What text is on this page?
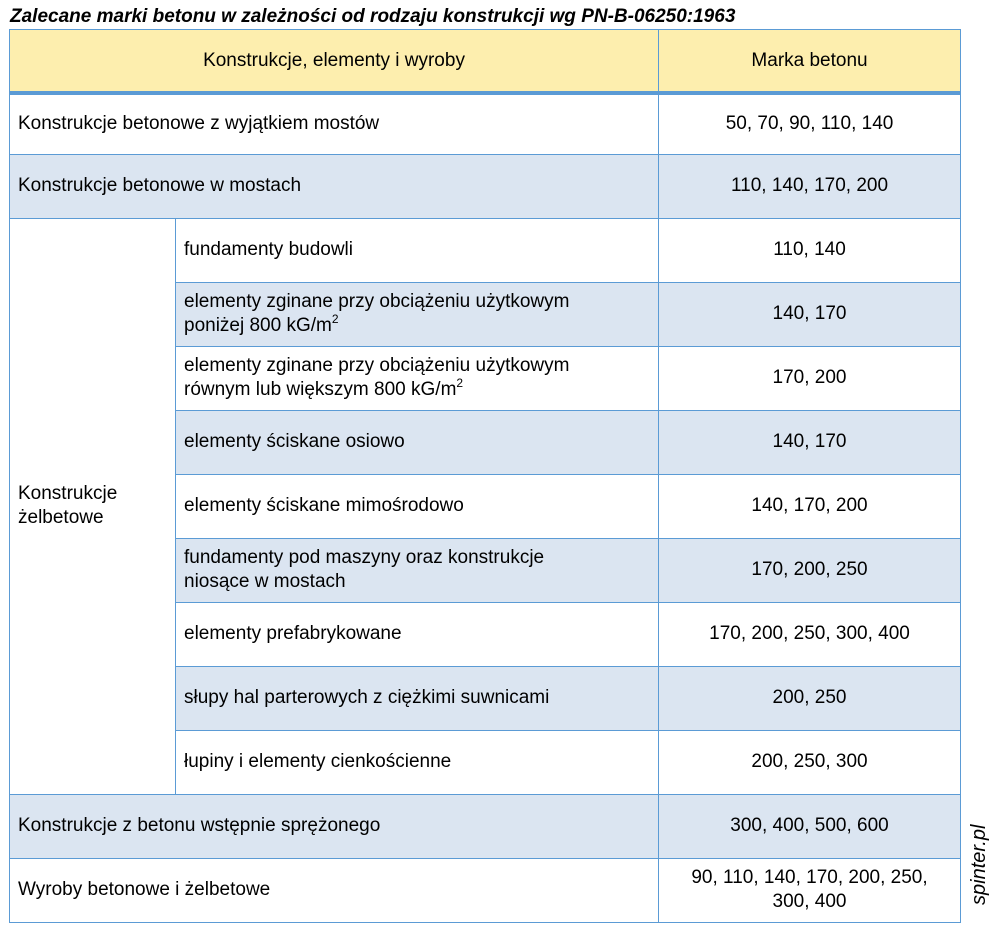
Zalecane marki betonu w zależności od rodzaju konstrukcji wg PN-B-06250:1963
Konstrukcje, elementy i wyroby		Marka betonu
Konstrukcje betonowe z wyjątkiem mostów		50, 70, 90, 110, 140
Konstrukcje betonowe w mostach		110, 140, 170, 200
Konstrukcje
żelbetowe	fundamenty budowli	110, 140
	elementy zginane przy obciążeniu użytkowym
poniżej 800 $kG/m^2$	140, 170
	elementy zginane przy obciążeniu użytkowym
równym lub większym 800 $kG/m^2$	170, 200
	elementy ściskane osiowo	140, 170
	elementy ściskane mimośrodowo	140, 170, 200
	fundamenty pod maszyny oraz konstrukcje
niosące w mostach	170, 200, 250
	elementy prefabrykowane	170, 200, 250, 300, 400
	słupy hal parterowych z ciężkimi suwnicami	200, 250
	łupiny i elementy cienkościenne	200, 250, 300
Konstrukcje z betonu wstępnie sprężonego		300, 400, 500, 600
Wyroby betonowe i żelbetowe		90, 110, 140, 170, 200, 250,
300, 400	spinter.pl
